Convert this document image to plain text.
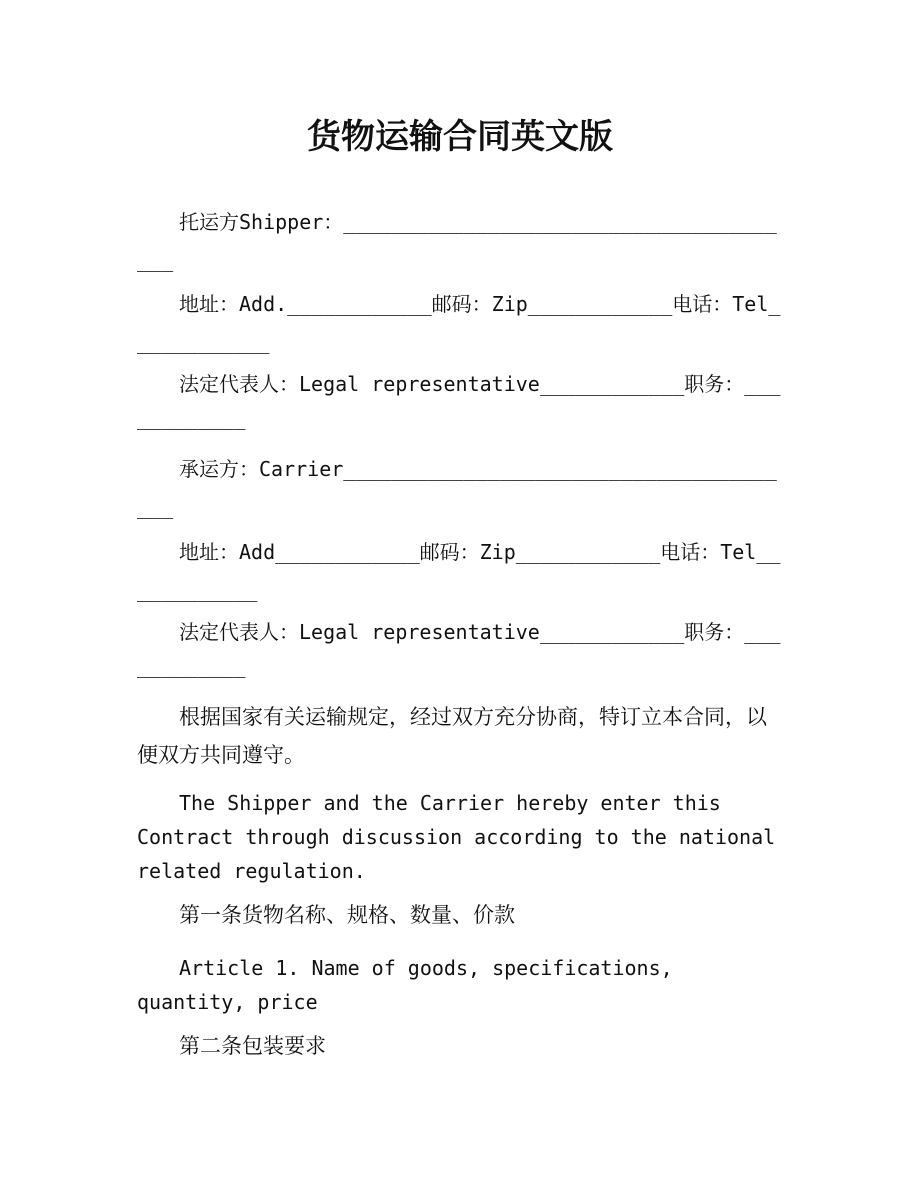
货物运输合同英文版

托运方Shipper：_______________________________________

地址：Add.____________邮码：Zip____________电话：Tel____________

法定代表人：Legal representative____________职务：____________

承运方：Carrier_______________________________________

地址：Add____________邮码：Zip____________电话：Tel____________

法定代表人：Legal representative____________职务：____________

根据国家有关运输规定，经过双方充分协商，特订立本合同，以便双方共同遵守。

The Shipper and the Carrier hereby enter this Contract through discussion according to the national related regulation.

第一条货物名称、规格、数量、价款

Article 1. Name of goods, specifications, quantity, price

第二条包装要求
